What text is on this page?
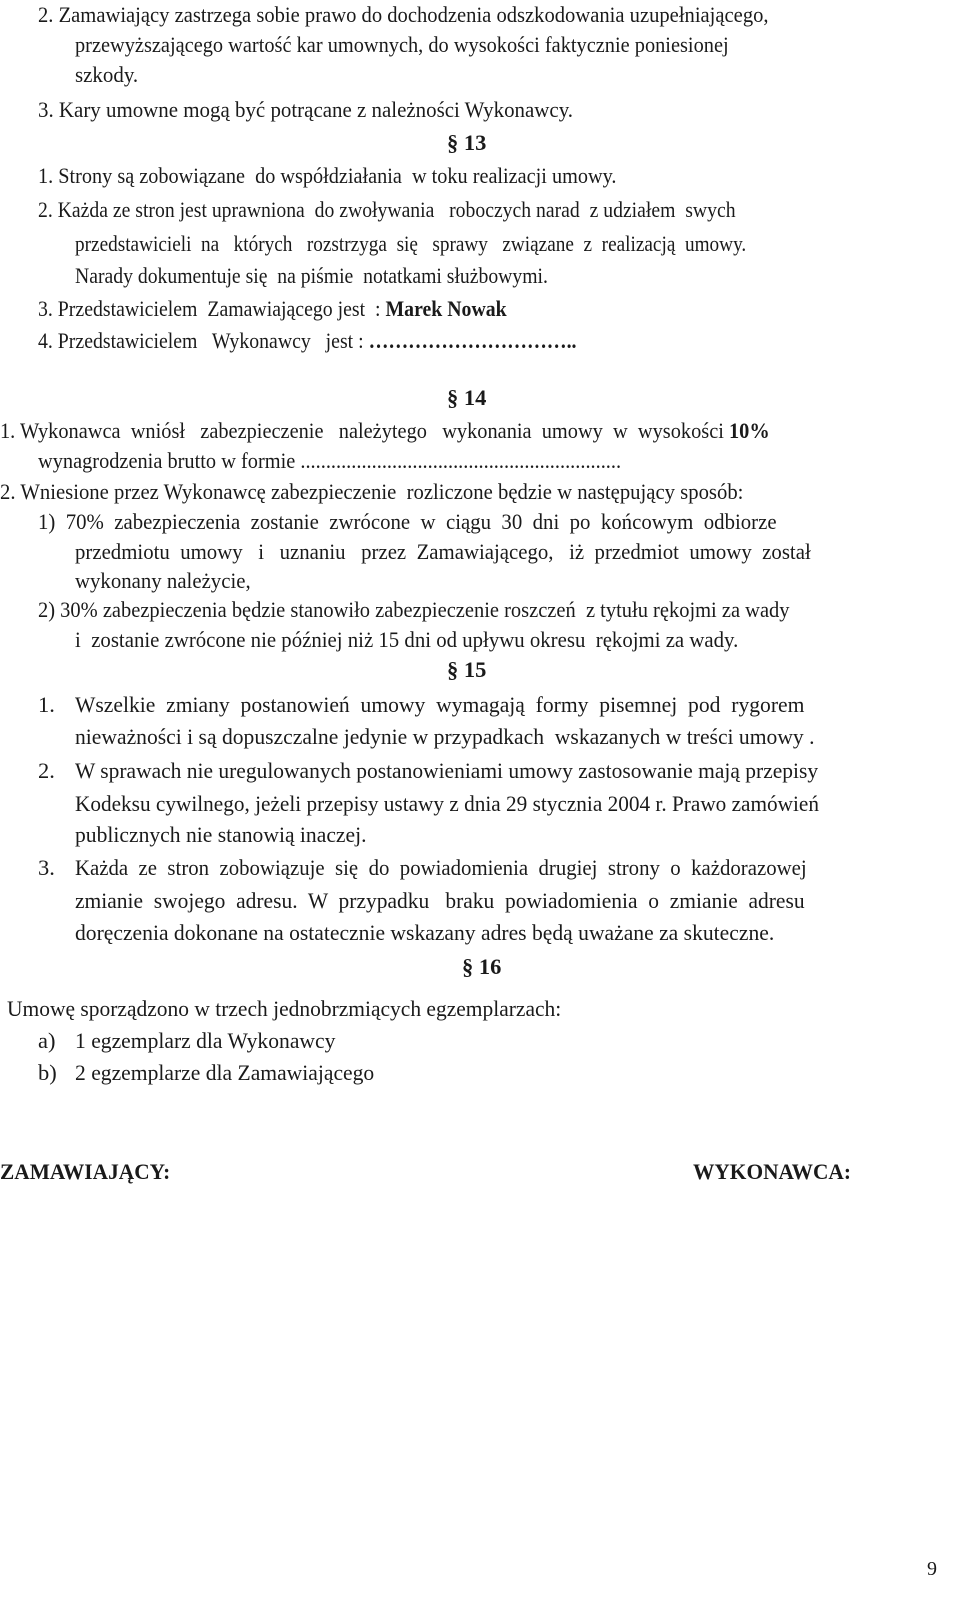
2. Zamawiający zastrzega sobie prawo do dochodzenia odszkodowania uzupełniającego,
przewyższającego wartość kar umownych, do wysokości faktycznie poniesionej
szkody.
3. Kary umowne mogą być potrącane z należności Wykonawcy.
§ 13
1. Strony są zobowiązane  do współdziałania  w toku realizacji umowy.
2. Każda ze stron jest uprawniona  do zwoływania   roboczych narad  z udziałem  swych
przedstawicieli  na   których   rozstrzyga  się   sprawy   związane  z  realizacją  umowy.
Narady dokumentuje się  na piśmie  notatkami służbowymi.
3. Przedstawicielem  Zamawiającego jest  : Marek Nowak
4. Przedstawicielem   Wykonawcy   jest : …………………………..
§ 14
1. Wykonawca  wniósł   zabezpieczenie   należytego   wykonania  umowy  w  wysokości 10%
wynagrodzenia brutto w formie ...............................................................
2. Wniesione przez Wykonawcę zabezpieczenie  rozliczone będzie w następujący sposób:
1)  70%  zabezpieczenia  zostanie  zwrócone  w  ciągu  30  dni  po  końcowym  odbiorze
przedmiotu  umowy   i   uznaniu   przez  Zamawiającego,   iż  przedmiot  umowy  został
wykonany należycie,
2) 30% zabezpieczenia będzie stanowiło zabezpieczenie roszczeń  z tytułu rękojmi za wady
i  zostanie zwrócone nie później niż 15 dni od upływu okresu  rękojmi za wady.
§ 15
1. Wszelkie  zmiany  postanowień  umowy  wymagają  formy  pisemnej  pod  rygorem
nieważności i są dopuszczalne jedynie w przypadkach  wskazanych w treści umowy .
2. W sprawach nie uregulowanych postanowieniami umowy zastosowanie mają przepisy
Kodeksu cywilnego, jeżeli przepisy ustawy z dnia 29 stycznia 2004 r. Prawo zamówień
publicznych nie stanowią inaczej.
3. Każda  ze  stron  zobowiązuje  się  do  powiadomienia  drugiej  strony  o  każdorazowej
zmianie  swojego  adresu.  W  przypadku   braku  powiadomienia  o  zmianie  adresu
doręczenia dokonane na ostatecznie wskazany adres będą uważane za skuteczne.
§ 16
Umowę sporządzono w trzech jednobrzmiących egzemplarzach:
a) 1 egzemplarz dla Wykonawcy
b) 2 egzemplarze dla Zamawiającego
ZAMAWIAJĄCY:	WYKONAWCA:
9
